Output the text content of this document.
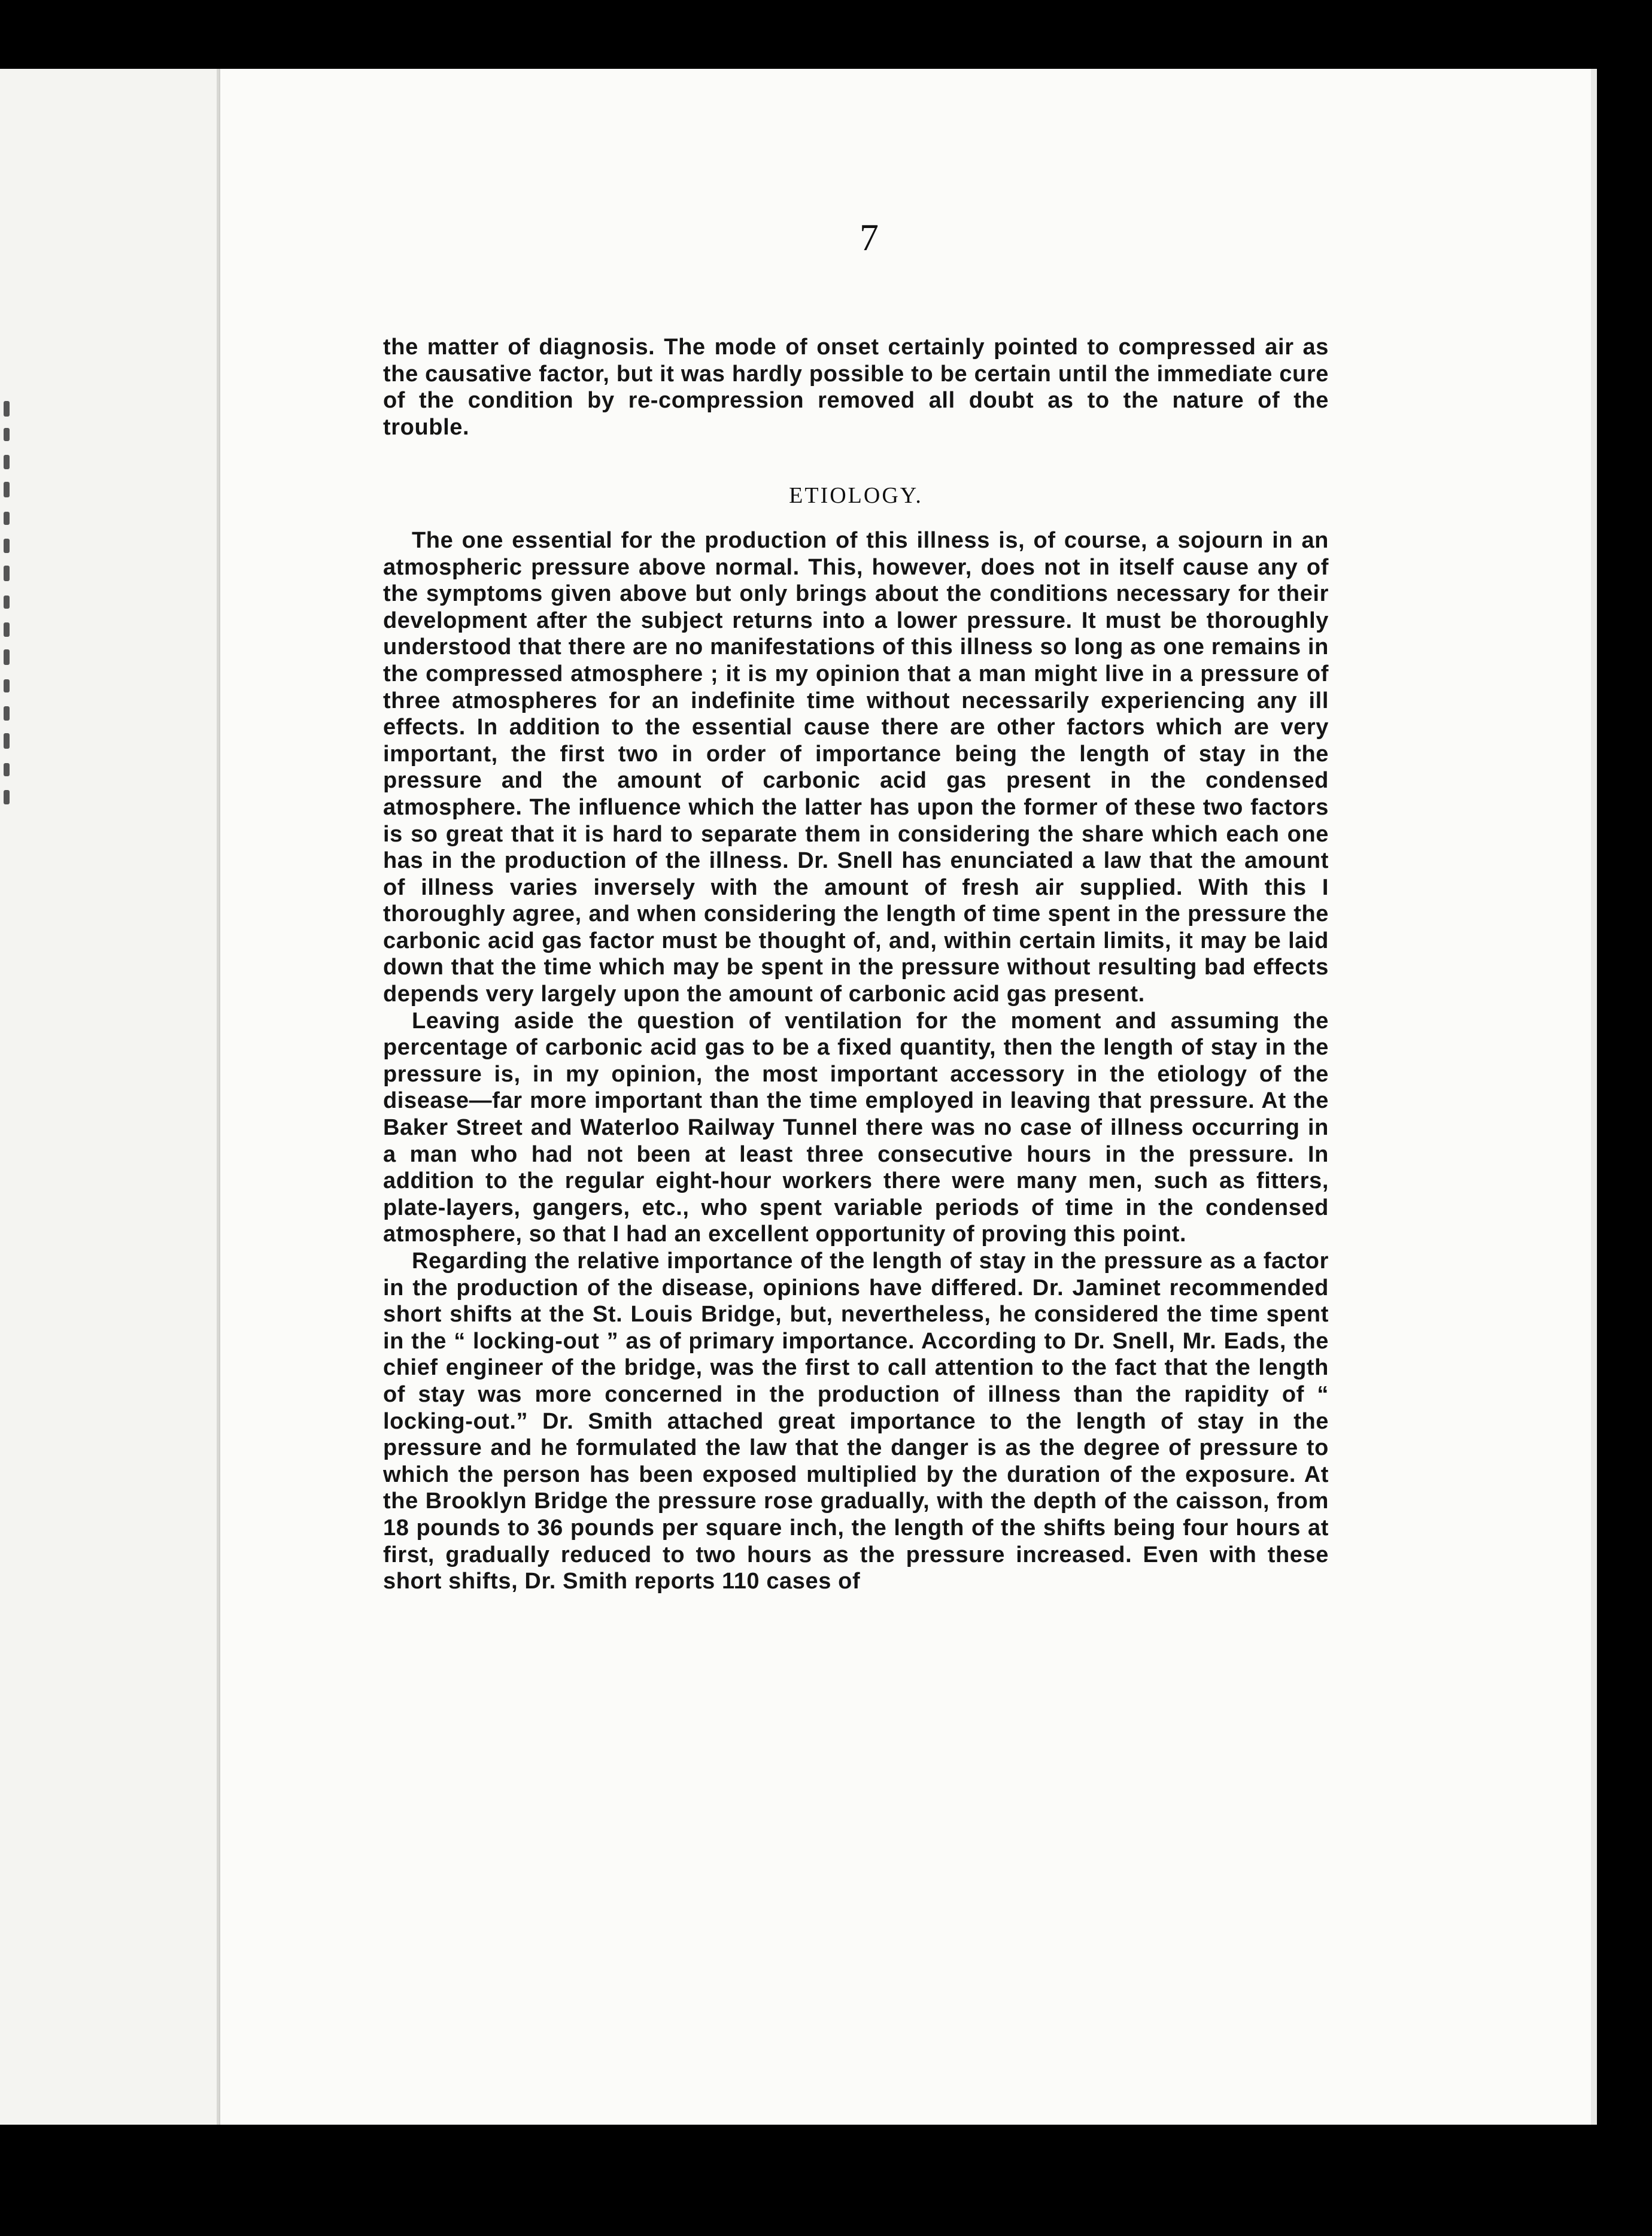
7

the matter of diagnosis. The mode of onset certainly pointed to compressed air as the causative factor, but it was hardly possible to be certain until the immediate cure of the condition by re-compression removed all doubt as to the nature of the trouble.

ETIOLOGY.

The one essential for the production of this illness is, of course, a sojourn in an atmospheric pressure above normal. This, however, does not in itself cause any of the symptoms given above but only brings about the conditions necessary for their development after the subject returns into a lower pressure. It must be thoroughly understood that there are no manifestations of this illness so long as one remains in the compressed atmosphere ; it is my opinion that a man might live in a pressure of three atmospheres for an indefinite time without necessarily experiencing any ill effects. In addition to the essential cause there are other factors which are very important, the first two in order of importance being the length of stay in the pressure and the amount of carbonic acid gas present in the condensed atmosphere. The influence which the latter has upon the former of these two factors is so great that it is hard to separate them in considering the share which each one has in the production of the illness. Dr. Snell has enunciated a law that the amount of illness varies inversely with the amount of fresh air supplied. With this I thoroughly agree, and when considering the length of time spent in the pressure the carbonic acid gas factor must be thought of, and, within certain limits, it may be laid down that the time which may be spent in the pressure without resulting bad effects depends very largely upon the amount of carbonic acid gas present.

Leaving aside the question of ventilation for the moment and assuming the percentage of carbonic acid gas to be a fixed quantity, then the length of stay in the pressure is, in my opinion, the most important accessory in the etiology of the disease—far more important than the time employed in leaving that pressure. At the Baker Street and Waterloo Railway Tunnel there was no case of illness occurring in a man who had not been at least three consecutive hours in the pressure. In addition to the regular eight-hour workers there were many men, such as fitters, plate-layers, gangers, etc., who spent variable periods of time in the condensed atmosphere, so that I had an excellent opportunity of proving this point.

Regarding the relative importance of the length of stay in the pressure as a factor in the production of the disease, opinions have differed. Dr. Jaminet recommended short shifts at the St. Louis Bridge, but, nevertheless, he considered the time spent in the “ locking-out ” as of primary importance. According to Dr. Snell, Mr. Eads, the chief engineer of the bridge, was the first to call attention to the fact that the length of stay was more concerned in the production of illness than the rapidity of “ locking-out.” Dr. Smith attached great importance to the length of stay in the pressure and he formulated the law that the danger is as the degree of pressure to which the person has been exposed multiplied by the duration of the exposure. At the Brooklyn Bridge the pressure rose gradually, with the depth of the caisson, from 18 pounds to 36 pounds per square inch, the length of the shifts being four hours at first, gradually reduced to two hours as the pressure increased. Even with these short shifts, Dr. Smith reports 110 cases of
